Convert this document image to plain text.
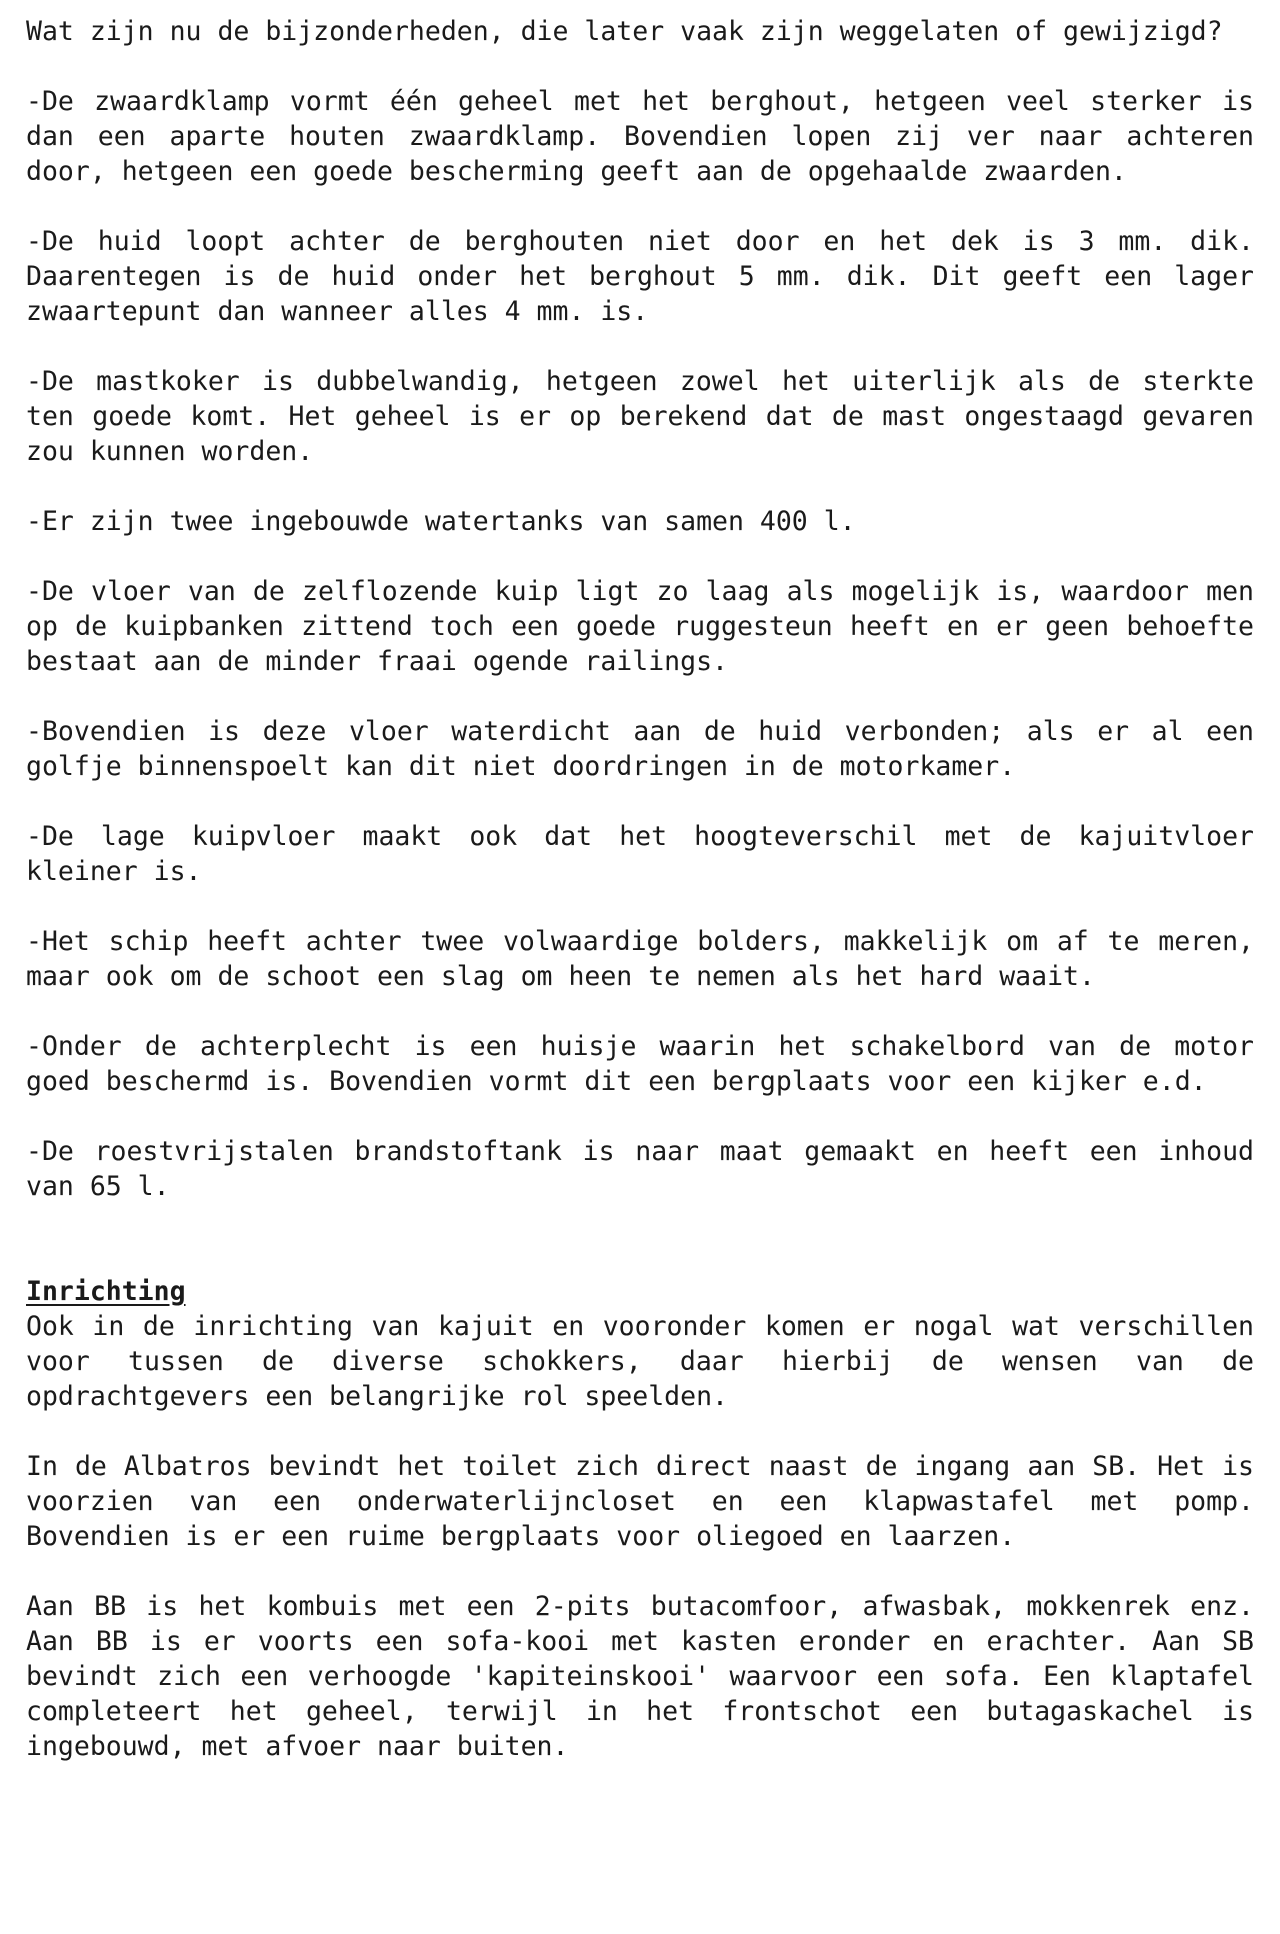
Wat zijn nu de bijzonderheden, die later vaak zijn weggelaten of gewijzigd?

-De zwaardklamp vormt één geheel met het berghout, hetgeen veel sterker is dan een aparte houten zwaardklamp. Bovendien lopen zij ver naar achteren door, hetgeen een goede bescherming geeft aan de opgehaalde zwaarden.

-De huid loopt achter de berghouten niet door en het dek is 3 mm. dik. Daarentegen is de huid onder het berghout 5 mm. dik. Dit geeft een lager zwaartepunt dan wanneer alles 4 mm. is.

-De mastkoker is dubbelwandig, hetgeen zowel het uiterlijk als de sterkte ten goede komt. Het geheel is er op berekend dat de mast ongestaagd gevaren zou kunnen worden.

-Er zijn twee ingebouwde watertanks van samen 400 l.

-De vloer van de zelflozende kuip ligt zo laag als mogelijk is, waardoor men op de kuipbanken zittend toch een goede ruggesteun heeft en er geen behoefte bestaat aan de minder fraai ogende railings.

-Bovendien is deze vloer waterdicht aan de huid verbonden; als er al een golfje binnenspoelt kan dit niet doordringen in de motorkamer.

-De lage kuipvloer maakt ook dat het hoogteverschil met de kajuitvloer kleiner is.

-Het schip heeft achter twee volwaardige bolders, makkelijk om af te meren, maar ook om de schoot een slag om heen te nemen als het hard waait.

-Onder de achterplecht is een huisje waarin het schakelbord van de motor goed beschermd is. Bovendien vormt dit een bergplaats voor een kijker e.d.

-De roestvrijstalen brandstoftank is naar maat gemaakt en heeft een inhoud van 65 l.

Inrichting

Ook in de inrichting van kajuit en vooronder komen er nogal wat verschillen voor tussen de diverse schokkers, daar hierbij de wensen van de opdrachtgevers een belangrijke rol speelden.

In de Albatros bevindt het toilet zich direct naast de ingang aan SB. Het is voorzien van een onderwaterlijncloset en een klapwastafel met pomp. Bovendien is er een ruime bergplaats voor oliegoed en laarzen.

Aan BB is het kombuis met een 2-pits butacomfoor, afwasbak, mokkenrek enz. Aan BB is er voorts een sofa-kooi met kasten eronder en erachter. Aan SB bevindt zich een verhoogde 'kapiteinskooi' waarvoor een sofa. Een klaptafel completeert het geheel, terwijl in het frontschot een butagaskachel is ingebouwd, met afvoer naar buiten.
